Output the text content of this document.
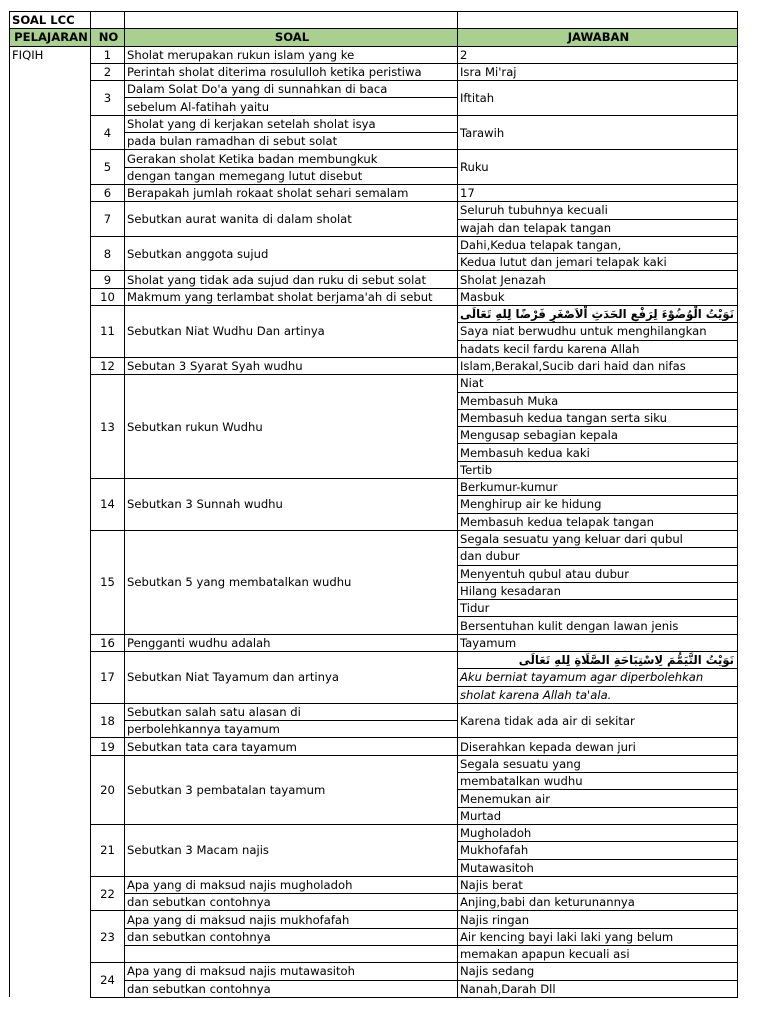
SOAL LCC			
PELAJARAN	NO	SOAL	JAWABAN
FIQIH	1	Sholat merupakan rukun islam yang ke	2
	2	Perintah sholat diterima rosululloh ketika peristiwa	Isra Mi'raj
	3	Dalam Solat Do'a yang di sunnahkan di baca	Iftitah
		sebelum Al-fatihah yaitu	
	4	Sholat yang di kerjakan setelah sholat isya	Tarawih
		pada bulan ramadhan di sebut solat	
	5	Gerakan sholat Ketika badan membungkuk	Ruku
		dengan tangan memegang lutut disebut	
	6	Berapakah jumlah rokaat sholat sehari semalam	17
	7	Sebutkan aurat wanita di dalam sholat	Seluruh tubuhnya kecuali
			wajah dan telapak tangan
	8	Sebutkan anggota sujud	Dahi,Kedua telapak tangan,
			Kedua lutut dan jemari telapak kaki
	9	Sholat yang tidak ada sujud dan ruku di sebut solat	Sholat Jenazah
	10	Makmum yang terlambat sholat berjama'ah di sebut	Masbuk
	11	Sebutkan Niat Wudhu Dan artinya	نَوَيْتُ الْوُضُوْءَ لِرَفْعِ الحَدَثِ اْلاَصْغَرِ فَرْضًا لِلهِ تَعَالَى
			Saya niat berwudhu untuk menghilangkan
			hadats kecil fardu karena Allah
	12	Sebutan 3 Syarat Syah wudhu	Islam,Berakal,Sucib dari haid dan nifas
	13	Sebutkan rukun Wudhu	Niat
			Membasuh Muka
			Membasuh kedua tangan serta siku
			Mengusap sebagian kepala
			Membasuh kedua kaki
			Tertib
	14	Sebutkan 3 Sunnah wudhu	Berkumur-kumur
			Menghirup air ke hidung
			Membasuh kedua telapak tangan
	15	Sebutkan 5 yang membatalkan wudhu	Segala sesuatu yang keluar dari qubul
			dan dubur
			Menyentuh qubul atau dubur
			Hilang kesadaran
			Tidur
			Bersentuhan kulit dengan lawan jenis
	16	Pengganti wudhu adalah	Tayamum
	17	Sebutkan Niat Tayamum dan artinya	نَوَيْتُ التَّيَمُّمَ لِاسْتِبَاحَةِ الصَّلَاةِ لِلهِ تَعَالَى
			Aku berniat tayamum agar diperbolehkan
			sholat karena Allah ta'ala.
	18	Sebutkan salah satu alasan di	Karena tidak ada air di sekitar
		perbolehkannya tayamum	
	19	Sebutkan tata cara tayamum	Diserahkan kepada dewan juri
	20	Sebutkan 3 pembatalan tayamum	Segala sesuatu yang
			membatalkan wudhu
			Menemukan air
			Murtad
	21	Sebutkan 3 Macam najis	Mugholadoh
			Mukhofafah
			Mutawasitoh
	22	Apa yang di maksud najis mugholadoh	Najis berat
		dan sebutkan contohnya	Anjing,babi dan keturunannya
	23	Apa yang di maksud najis mukhofafah	Najis ringan
		dan sebutkan contohnya	Air kencing bayi laki laki yang belum
			memakan apapun kecuali asi
	24	Apa yang di maksud najis mutawasitoh	Najis sedang
		dan sebutkan contohnya	Nanah,Darah Dll
